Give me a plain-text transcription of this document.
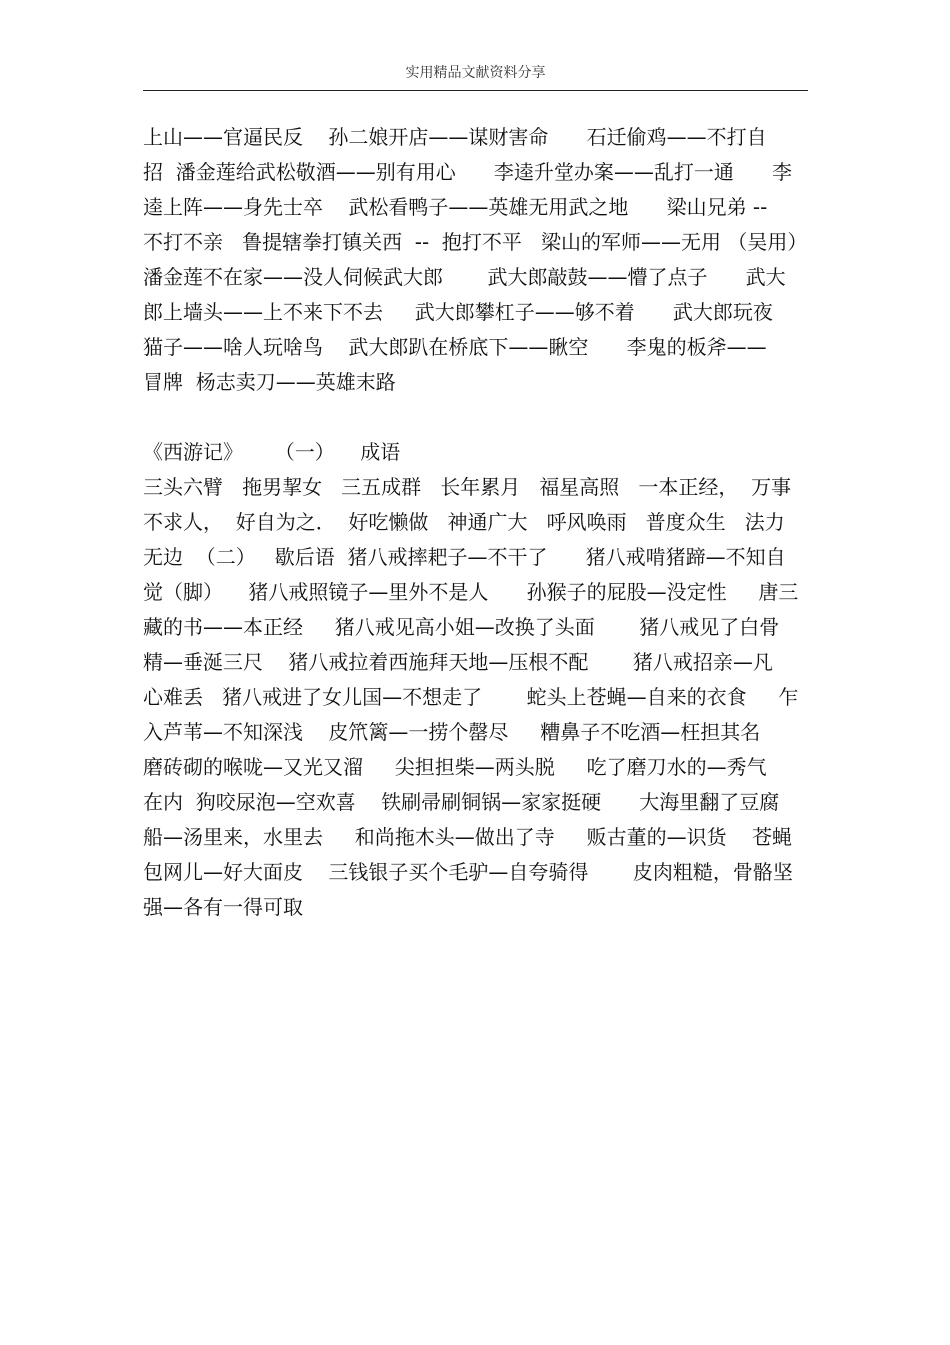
实用精品文献资料分享
上山——官逼民反    孙二娘开店——谋财害命      石迁偷鸡——不打自
招  潘金莲给武松敬酒——别有用心      李逵升堂办案——乱打一通      李
逵上阵——身先士卒    武松看鸭子——英雄无用武之地      梁山兄弟 --
不打不亲   鲁提辖拳打镇关西  --  抱打不平   梁山的军师——无用 （吴用）
潘金莲不在家——没人伺候武大郎       武大郎敲鼓——懵了点子      武大
郎上墙头——上不来下不去     武大郎攀杠子——够不着      武大郎玩夜
猫子——啥人玩啥鸟    武大郎趴在桥底下——瞅空      李鬼的板斧——
冒牌  杨志卖刀——英雄末路
《西游记》     （一）    成语
三头六臂   拖男挈女   三五成群   长年累月   福星高照   一本正经，  万事
不求人，  好自为之．  好吃懒做   神通广大   呼风唤雨   普度众生   法力
无边  （二）   歇后语  猪八戒摔耙子—不干了      猪八戒啃猪蹄—不知自
觉（脚）    猪八戒照镜子—里外不是人      孙猴子的屁股—没定性     唐三
藏的书——本正经     猪八戒见高小姐—改换了头面       猪八戒见了白骨
精—垂涎三尺    猪八戒拉着西施拜天地—压根不配       猪八戒招亲—凡
心难丢   猪八戒进了女儿国—不想走了       蛇头上苍蝇—自来的衣食     乍
入芦苇—不知深浅    皮笊篱—一捞个罄尽     糟鼻子不吃酒—枉担其名
磨砖砌的喉咙—又光又溜     尖担担柴—两头脱     吃了磨刀水的—秀气
在内  狗咬尿泡—空欢喜    铁刷帚刷铜锅—家家挺硬      大海里翻了豆腐
船—汤里来，水里去     和尚拖木头—做出了寺     贩古董的—识货    苍蝇
包网儿—好大面皮    三钱银子买个毛驴—自夸骑得       皮肉粗糙，骨骼坚
强—各有一得可取
